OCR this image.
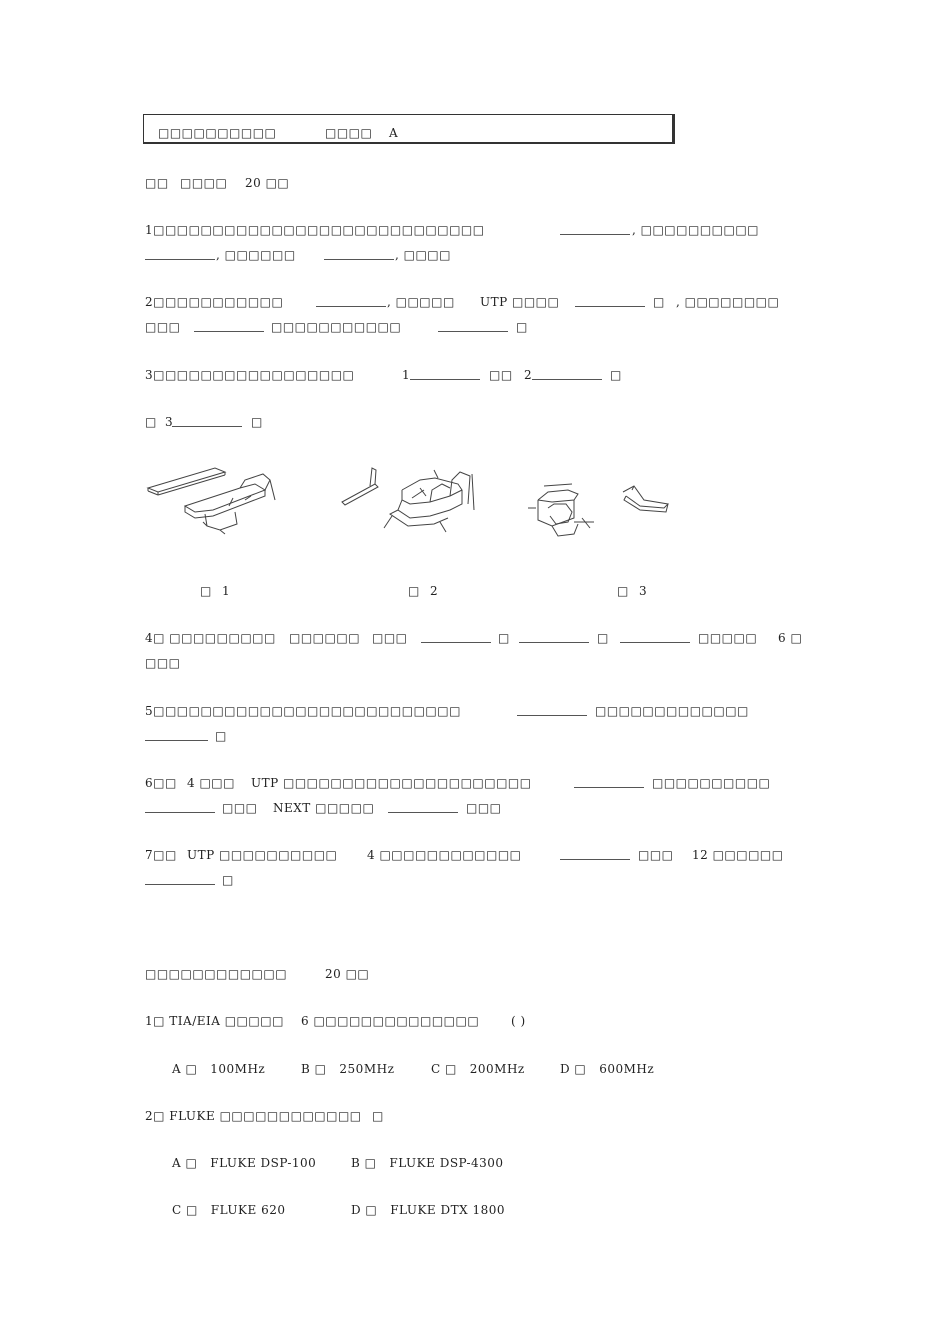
□□□□□□□□□□	□□□□ A
□□ □□□□ 20 □□
1□□□□□□□□□□□□□□□□□□□□□□□□□□□□	, □□□□□□□□□□
, □□□□□□	, □□□□
2□□□□□□□□□□□	, □□□□□ UTP □□□□	□ , □□□□□□□□
□□□	□□□□□□□□□□□	□
3□□□□□□□□□□□□□□□□□	1	□□ 2	□
□ 3	□
□ 1	□ 2	□ 3
4□ □□□□□□□□□ □□□□□□ □□□	□	□	□□□□□ 6 □
□□□
5□□□□□□□□□□□□□□□□□□□□□□□□□□	□□□□□□□□□□□□□
□
6□□ 4 □□□ UTP □□□□□□□□□□□□□□□□□□□□□	□□□□□□□□□□
□□□ NEXT □□□□□	□□□
7□□ UTP □□□□□□□□□□ 4 □□□□□□□□□□□□	□□□ 12 □□□□□□
□
□□□□□□□□□□□□	20 □□
1□ TIA/EIA □□□□□ 6 □□□□□□□□□□□□□□	( )
A □   100MHz	B □   250MHz	C □   200MHz	D □   600MHz
2□ FLUKE □□□□□□□□□□□□ □
A □   FLUKE DSP-100	B □   FLUKE DSP-4300
C □   FLUKE 620	D □   FLUKE DTX 1800
